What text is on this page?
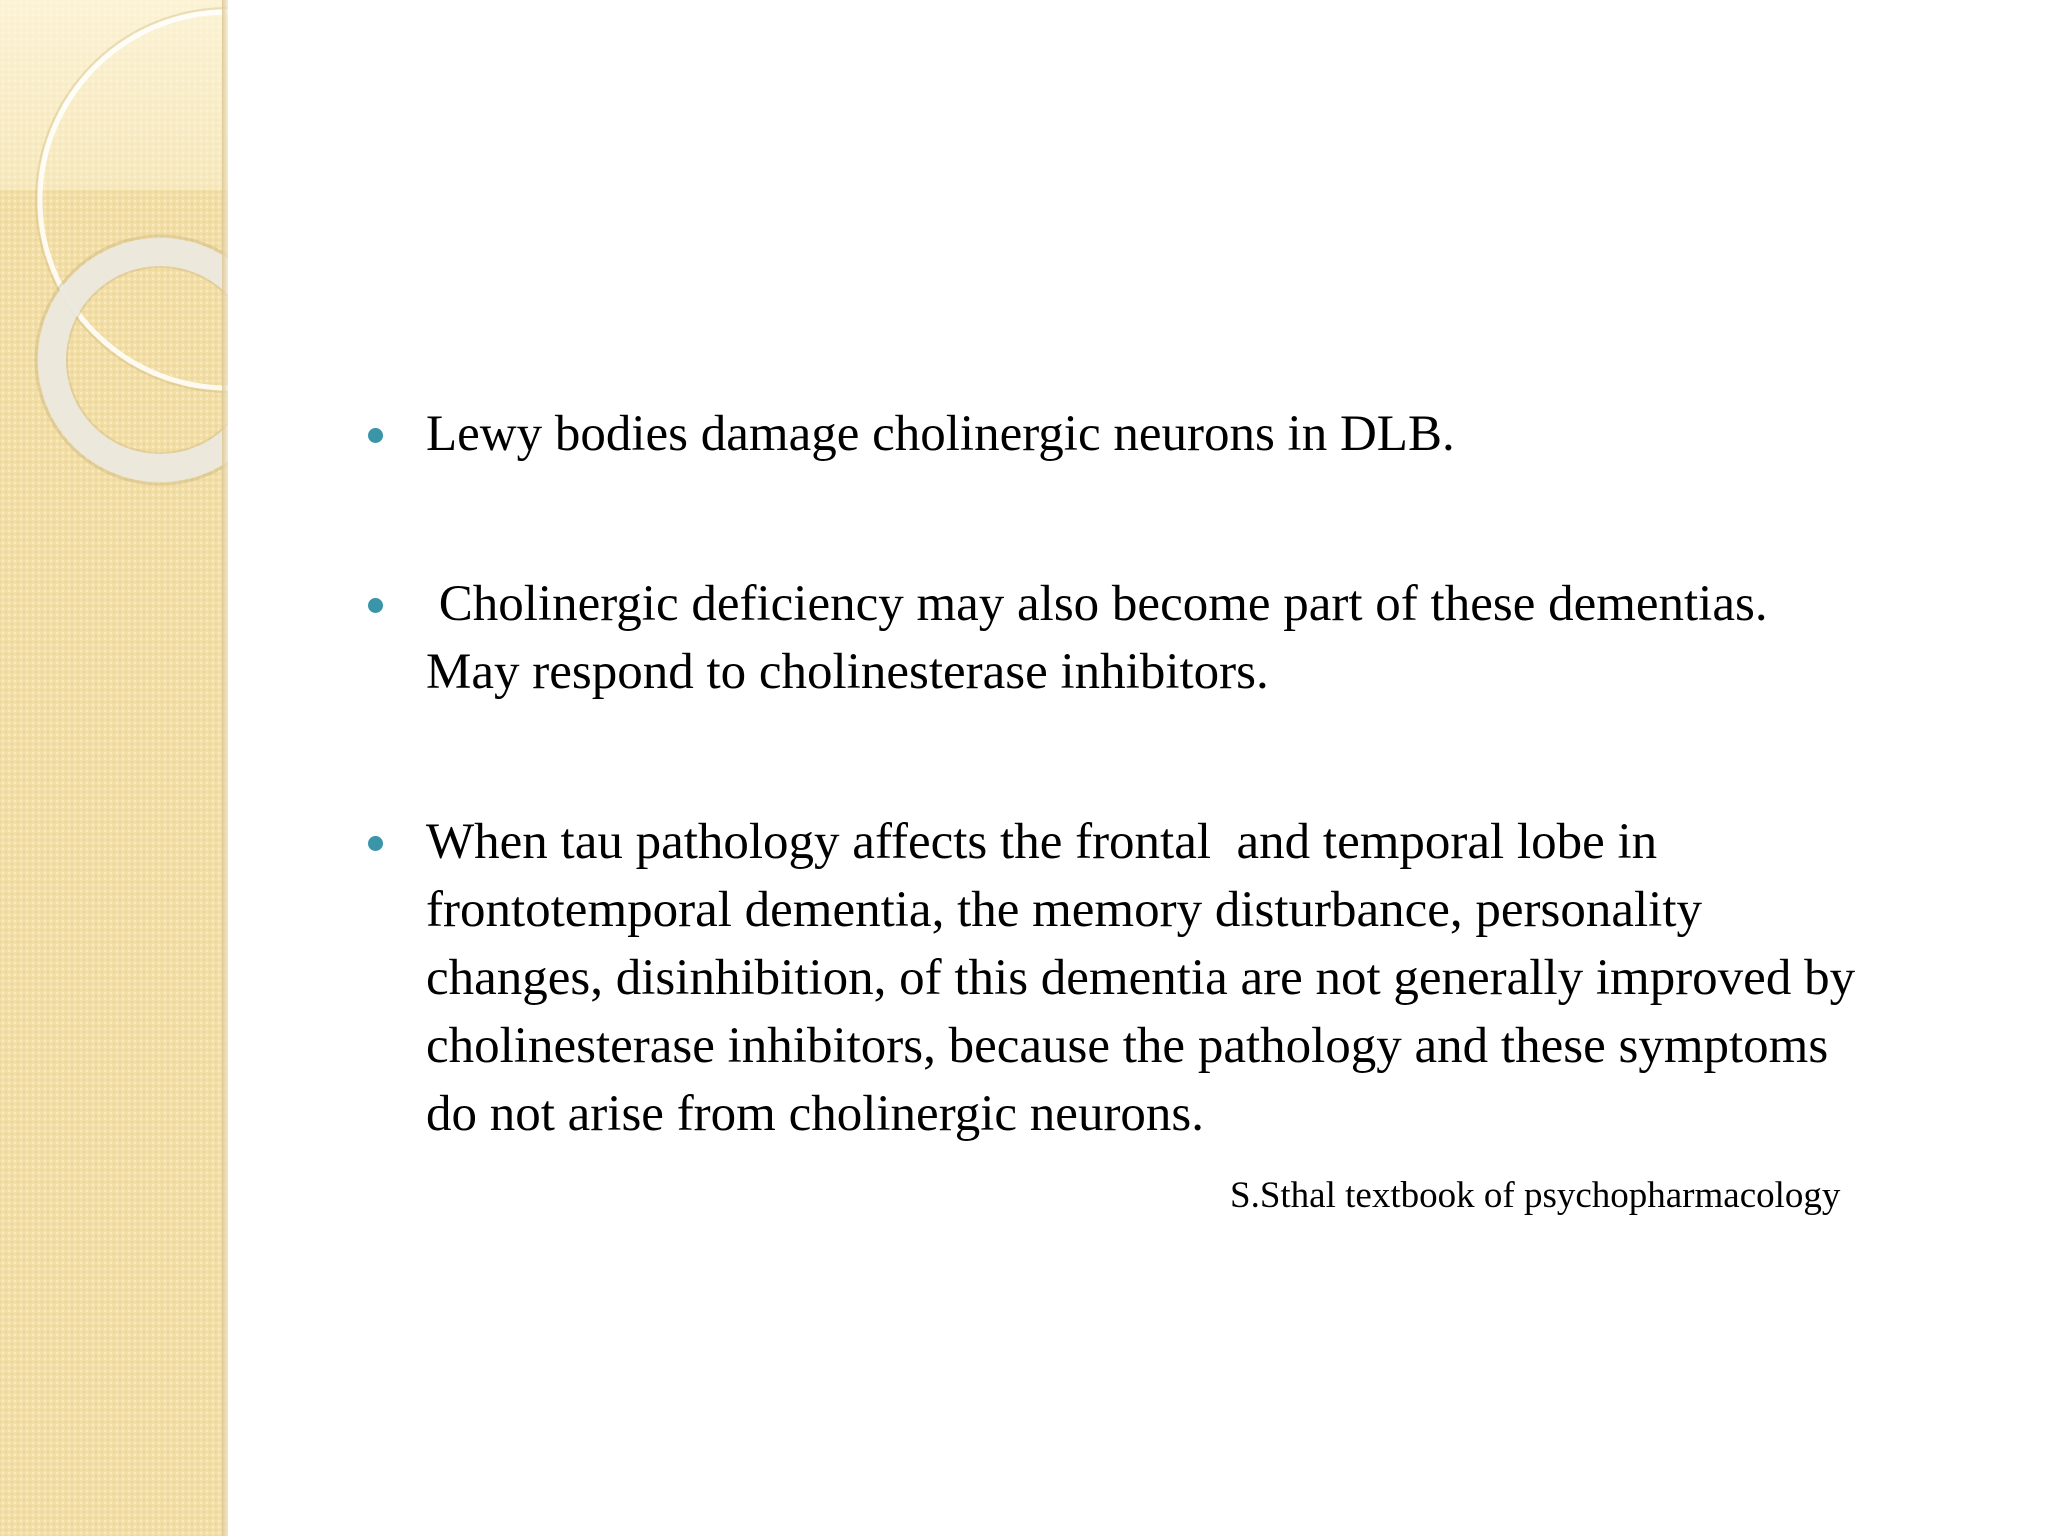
Lewy bodies damage cholinergic neurons in DLB.
Cholinergic deficiency may also become part of these dementias.
May respond to cholinesterase inhibitors.
When tau pathology affects the frontal  and temporal lobe in
frontotemporal dementia, the memory disturbance, personality
changes, disinhibition, of this dementia are not generally improved by
cholinesterase inhibitors, because the pathology and these symptoms
do not arise from cholinergic neurons.
S.Sthal textbook of psychopharmacology
